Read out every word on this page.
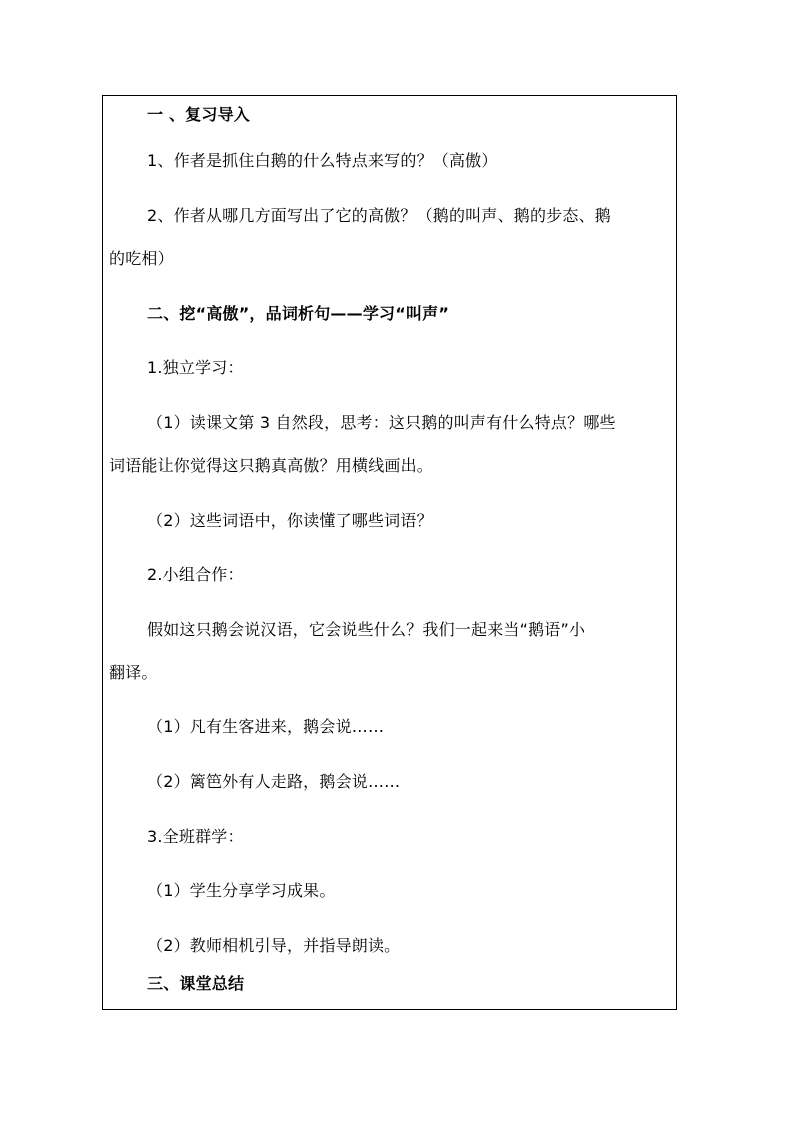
一 、复习导入
1、作者是抓住白鹅的什么特点来写的？（高傲）
2、作者从哪几方面写出了它的高傲？（鹅的叫声、鹅的步态、鹅
的吃相）
二、挖“高傲”，品词析句——学习“叫声”
1.独立学习：
（1）读课文第 3 自然段，思考：这只鹅的叫声有什么特点？哪些
词语能让你觉得这只鹅真高傲？用横线画出。
（2）这些词语中，你读懂了哪些词语？
2.小组合作：
假如这只鹅会说汉语，它会说些什么？我们一起来当“鹅语”小
翻译。
（1）凡有生客进来，鹅会说……
（2）篱笆外有人走路，鹅会说……
3.全班群学：
（1）学生分享学习成果。
（2）教师相机引导，并指导朗读。
三、课堂总结
